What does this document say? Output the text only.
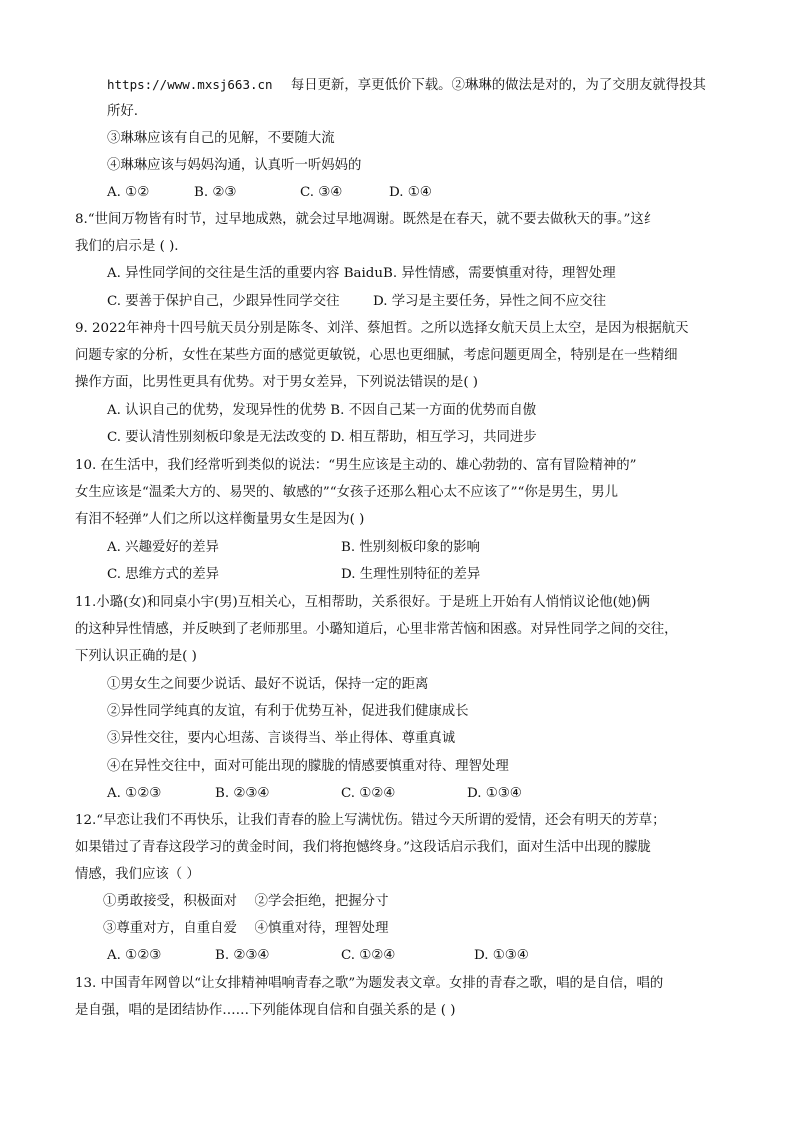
https://www.mxsj663.cn 每日更新，享更低价下载。②琳琳的做法是对的，为了交朋友就得投其
所好.
③琳琳应该有自己的见解，不要随大流
④琳琳应该与妈妈沟通，认真听一听妈妈的
A. ①②	B. ②③	C. ③④	D. ①④
8.“世间万物皆有时节，过早地成熟，就会过早地凋谢。既然是在春天，就不要去做秋天的事。”这纟
我们的启示是 ( ).
A. 异性同学间的交往是生活的重要内容 BaiduB. 异性情感，需要慎重对待，理智处理
C. 要善于保护自己，少跟异性同学交往 D. 学习是主要任务，异性之间不应交往
9. 2022年神舟十四号航天员分别是陈冬、刘洋、蔡旭哲。之所以选择女航天员上太空，是因为根据航天
问题专家的分析，女性在某些方面的感觉更敏锐，心思也更细腻，考虑问题更周全，特别是在一些精细
操作方面，比男性更具有优势。对于男女差异，下列说法错误的是( )
A. 认识自己的优势，发现异性的优势 B. 不因自己某一方面的优势而自傲
C. 要认清性别刻板印象是无法改变的 D. 相互帮助，相互学习，共同进步
10. 在生活中，我们经常听到类似的说法：“男生应该是主动的、雄心勃勃的、富有冒险精神的”
女生应该是“温柔大方的、易哭的、敏感的”“女孩子还那么粗心太不应该了”“你是男生，男儿
有泪不轻弹”人们之所以这样衡量男女生是因为( )
A. 兴趣爱好的差异	B. 性别刻板印象的影响
C. 思维方式的差异	D. 生理性别特征的差异
11.小璐(女)和同桌小宇(男)互相关心，互相帮助，关系很好。于是班上开始有人悄悄议论他(她)俩
的这种异性情感，并反映到了老师那里。小璐知道后，心里非常苦恼和困惑。对异性同学之间的交往，
下列认识正确的是( )
①男女生之间要少说话、最好不说话，保持一定的距离
②异性同学纯真的友谊，有利于优势互补，促进我们健康成长
③异性交往，要内心坦荡、言谈得当、举止得体、尊重真诚
④在异性交往中，面对可能出现的朦胧的情感要慎重对待、理智处理
A. ①②③	B. ②③④	C. ①②④	D. ①③④
12.“早恋让我们不再快乐，让我们青春的脸上写满忧伤。错过今天所谓的爱情，还会有明天的芳草；
如果错过了青春这段学习的黄金时间，我们将抱憾终身。”这段话启示我们，面对生活中出现的朦胧
情感，我们应该（ ）
①勇敢接受，积极面对　 ②学会拒绝，把握分寸
③尊重对方，自重自爱　 ④慎重对待，理智处理
A. ①②③	B. ②③④	C. ①②④	D. ①③④
13. 中国青年网曾以“让女排精神唱响青春之歌”为题发表文章。女排的青春之歌，唱的是自信，唱的
是自强，唱的是团结协作……下列能体现自信和自强关系的是 ( )
